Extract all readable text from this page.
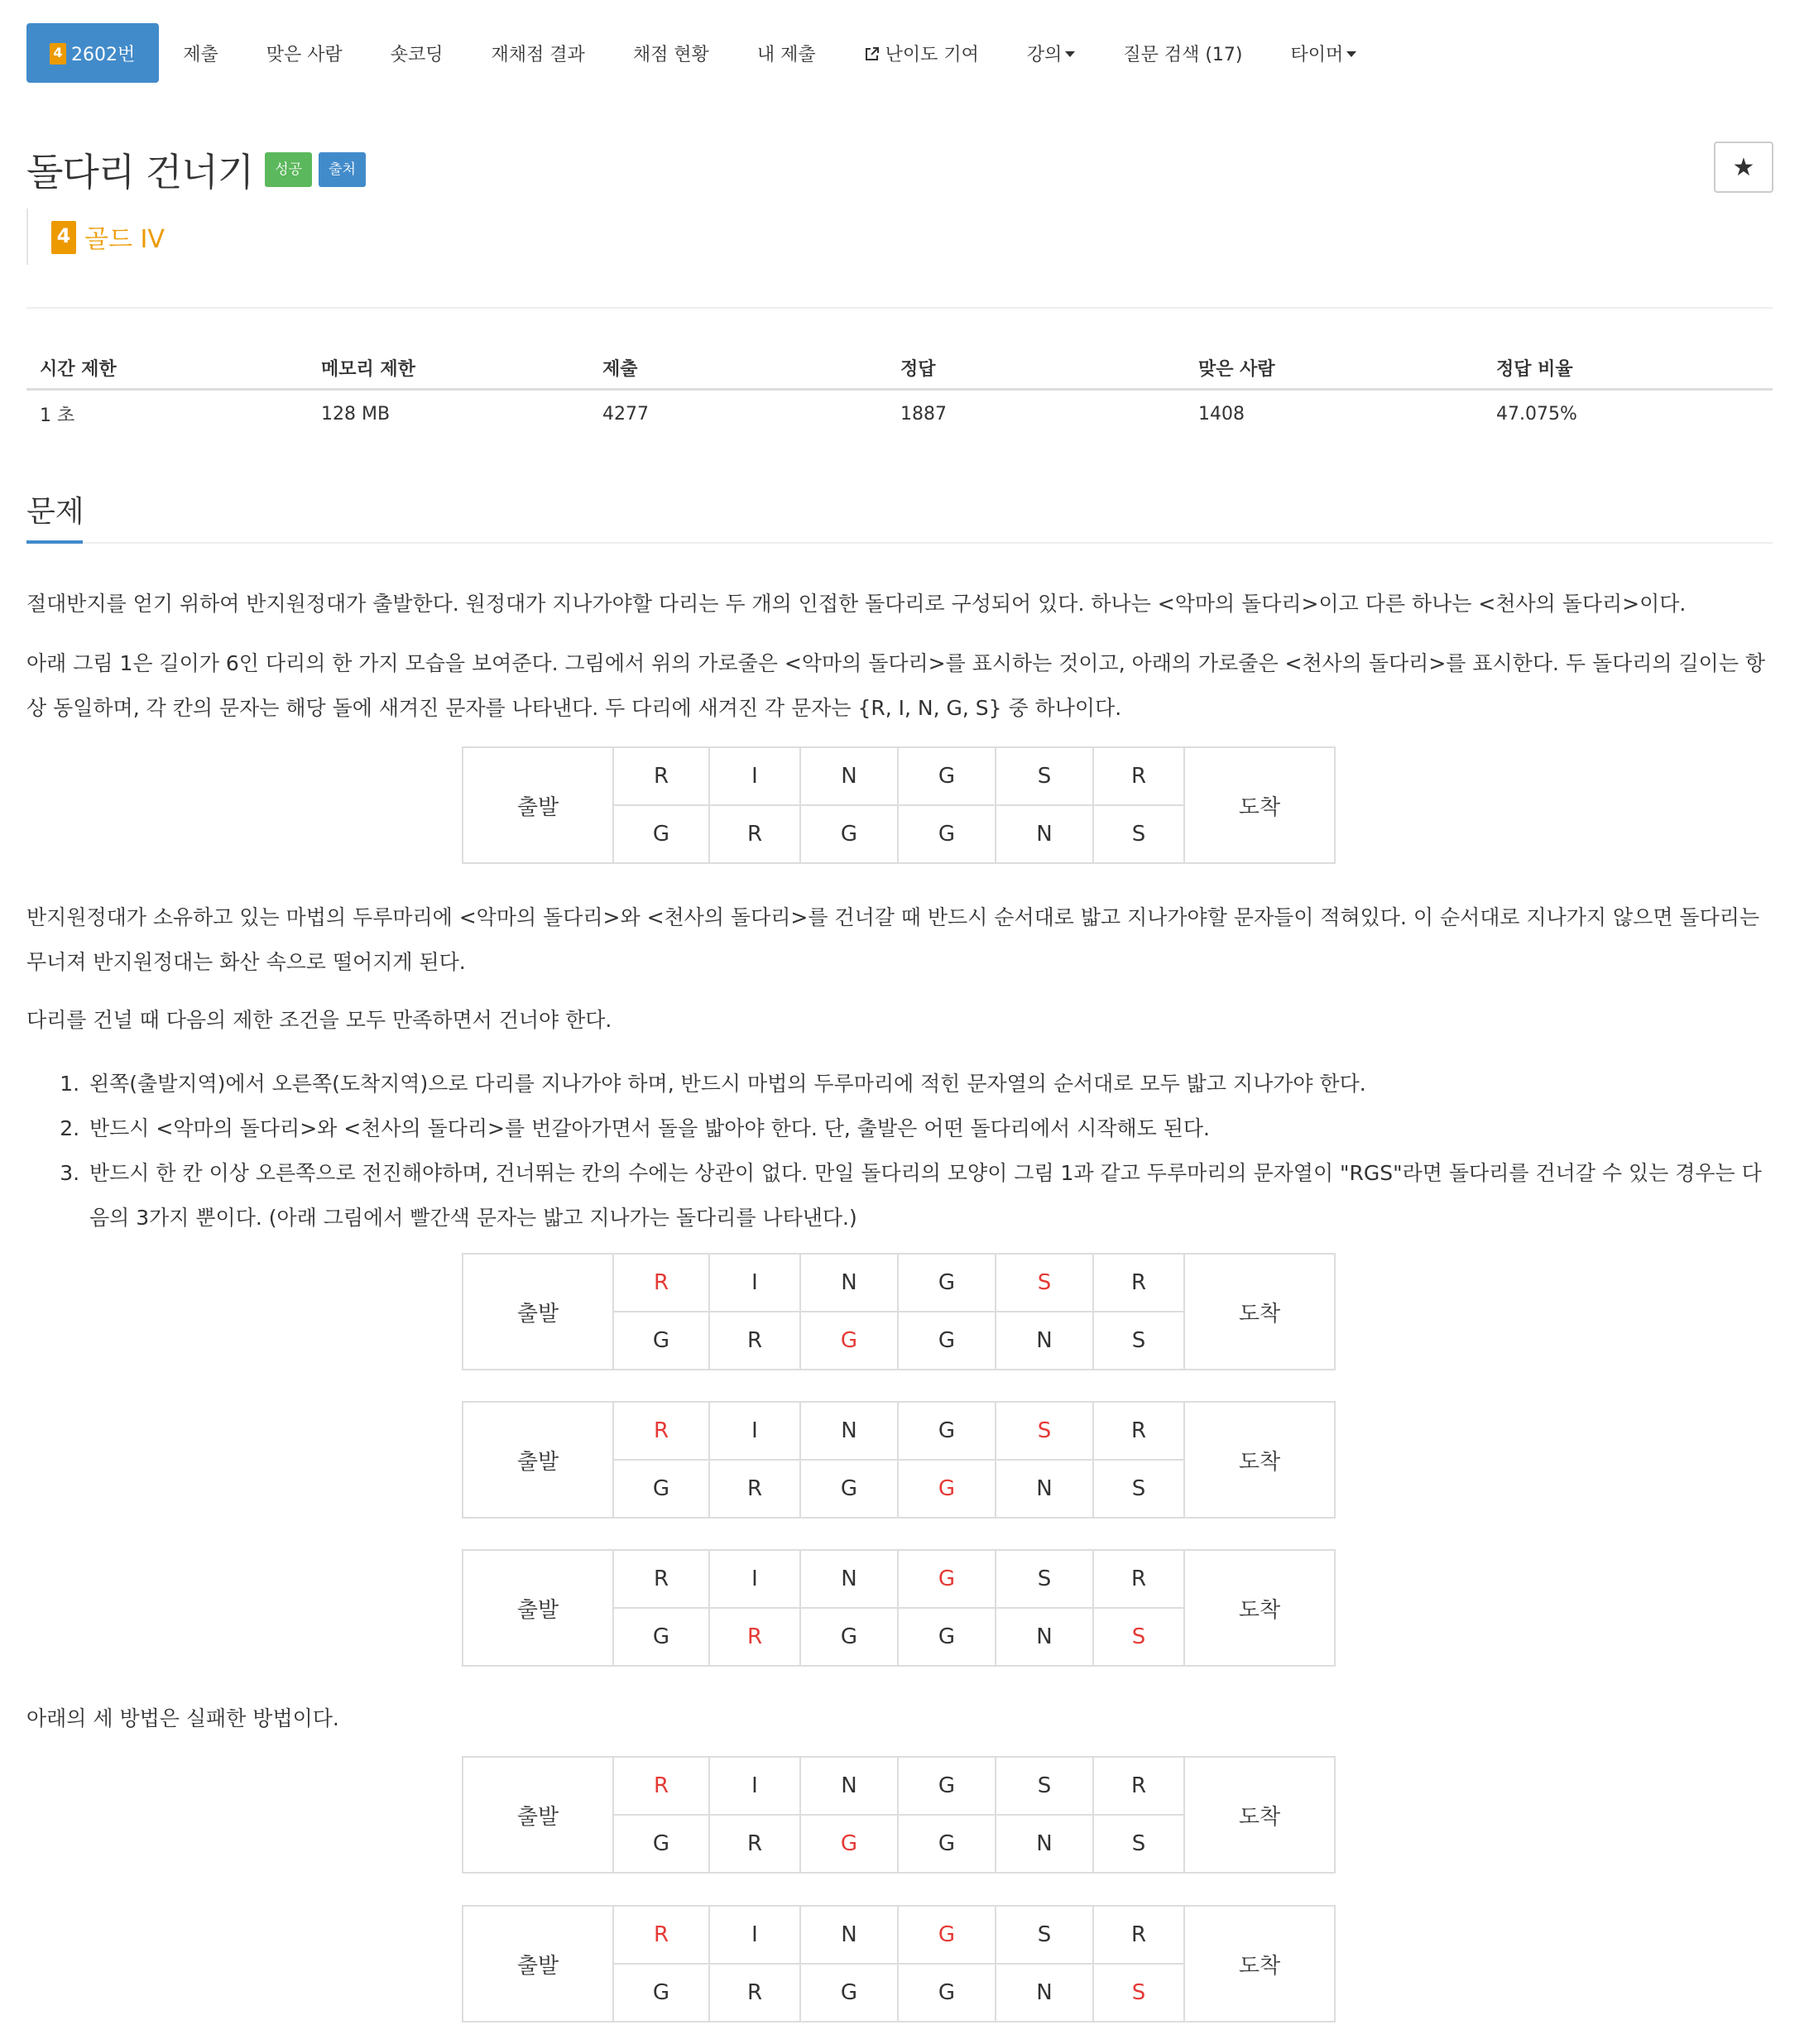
4 2602번	제출	맞은 사람	숏코딩	재채점 결과	채점 현황	내 제출	난이도 기여	강의	질문 검색 (17)	타이머
돌다리 건너기	성공	출처	★
4 골드 IV
시간 제한	메모리 제한	제출	정답	맞은 사람	정답 비율
1 초	128 MB	4277	1887	1408	47.075%
문제

절대반지를 얻기 위하여 반지원정대가 출발한다. 원정대가 지나가야할 다리는 두 개의 인접한 돌다리로 구성되어 있다. 하나는 <악마의 돌다리>이고 다른 하나는 <천사의 돌다리>이다.

아래 그림 1은 길이가 6인 다리의 한 가지 모습을 보여준다. 그림에서 위의 가로줄은 <악마의 돌다리>를 표시하는 것이고, 아래의 가로줄은 <천사의 돌다리>를 표시한다. 두 돌다리의 길이는 항상 동일하며, 각 칸의 문자는 해당 돌에 새겨진 문자를 나타낸다. 두 다리에 새겨진 각 문자는 {R, I, N, G, S} 중 하나이다.

출발	R	I	N	G	S	R	도착
	G	R	G	G	N	S	

반지원정대가 소유하고 있는 마법의 두루마리에 <악마의 돌다리>와 <천사의 돌다리>를 건너갈 때 반드시 순서대로 밟고 지나가야할 문자들이 적혀있다. 이 순서대로 지나가지 않으면 돌다리는 무너져 반지원정대는 화산 속으로 떨어지게 된다.

다리를 건널 때 다음의 제한 조건을 모두 만족하면서 건너야 한다.

1. 왼쪽(출발지역)에서 오른쪽(도착지역)으로 다리를 지나가야 하며, 반드시 마법의 두루마리에 적힌 문자열의 순서대로 모두 밟고 지나가야 한다.
2. 반드시 <악마의 돌다리>와 <천사의 돌다리>를 번갈아가면서 돌을 밟아야 한다. 단, 출발은 어떤 돌다리에서 시작해도 된다.
3. 반드시 한 칸 이상 오른쪽으로 전진해야하며, 건너뛰는 칸의 수에는 상관이 없다. 만일 돌다리의 모양이 그림 1과 같고 두루마리의 문자열이 "RGS"라면 돌다리를 건너갈 수 있는 경우는 다음의 3가지 뿐이다. (아래 그림에서 빨간색 문자는 밟고 지나가는 돌다리를 나타낸다.)
출발	R	I	N	G	S	R	도착
	G	R	G	G	N	S	
출발	R	I	N	G	S	R	도착
	G	R	G	G	N	S	
출발	R	I	N	G	S	R	도착
	G	R	G	G	N	S	

아래의 세 방법은 실패한 방법이다.

출발	R	I	N	G	S	R	도착
	G	R	G	G	N	S	
출발	R	I	N	G	S	R	도착
	G	R	G	G	N	S	
